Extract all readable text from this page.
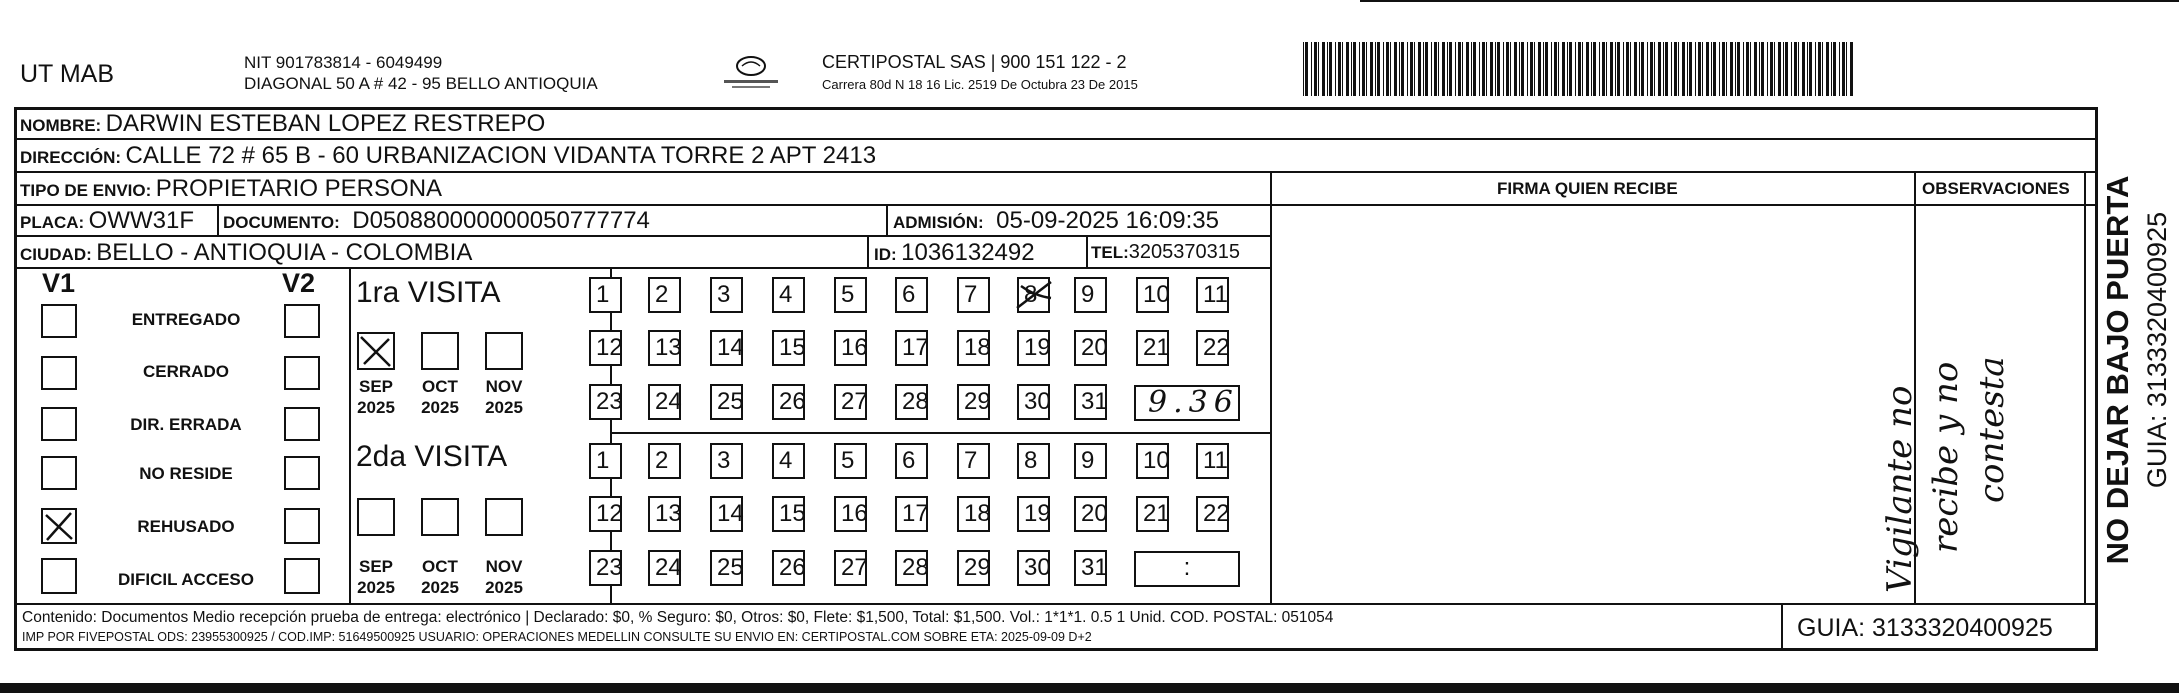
UT MAB	NIT 901783814 - 6049499
DIAGONAL 50 A # 42 - 95 BELLO ANTIOQUIA
CERTIPOSTAL SAS | 900 151 122 - 2
Carrera 80d N 18 16 Lic. 2519 De Octubra 23 De 2015
NOMBRE: DARWIN ESTEBAN LOPEZ RESTREPO
DIRECCIÓN: CALLE 72 # 65 B - 60 URBANIZACION VIDANTA TORRE 2 APT 2413
TIPO DE ENVIO: PROPIETARIO PERSONA	FIRMA QUIEN RECIBE	OBSERVACIONES
PLACA: OWW31F DOCUMENTO: D050880000000050777774	ADMISIÓN: 05-09-2025 16:09:35
CIUDAD: BELLO - ANTIOQUIA - COLOMBIA	ID: 1036132492	TEL:3205370315
V1	V2
ENTREGADO
CERRADO
DIR. ERRADA
NO RESIDE
REHUSADO
DIFICIL ACCESO
1ra VISITA
SEP
2025
OCT
2025
NOV
2025
1	2	3	4	5	6	7	8	9	10 11
12 13 14 15 16 17 18 19 20 21 22
23 24 25 26 27 28 29 30 31 9.36
2da VISITA
SEP
2025
OCT
2025
NOV
2025
1	2	3	4	5	6	7	8	9	10 11
12 13 14 15 16 17 18 19 20 21 22
23 24 25 26 27 28 29 30 31	:	Vigilante no recibe y no contesta
Contenido: Documentos Medio recepción prueba de entrega: electrónico | Declarado: $0, % Seguro: $0, Otros: $0, Flete: $1,500, Total: $1,500. Vol.: 1*1*1. 0.5 1 Unid. COD. POSTAL: 051054
IMP POR FIVEPOSTAL ODS: 23955300925 / COD.IMP: 51649500925 USUARIO: OPERACIONES MEDELLIN CONSULTE SU ENVIO EN: CERTIPOSTAL.COM SOBRE ETA: 2025-09-09 D+2	GUIA: 3133320400925
NO DEJAR BAJO PUERTA GUIA: 3133320400925
